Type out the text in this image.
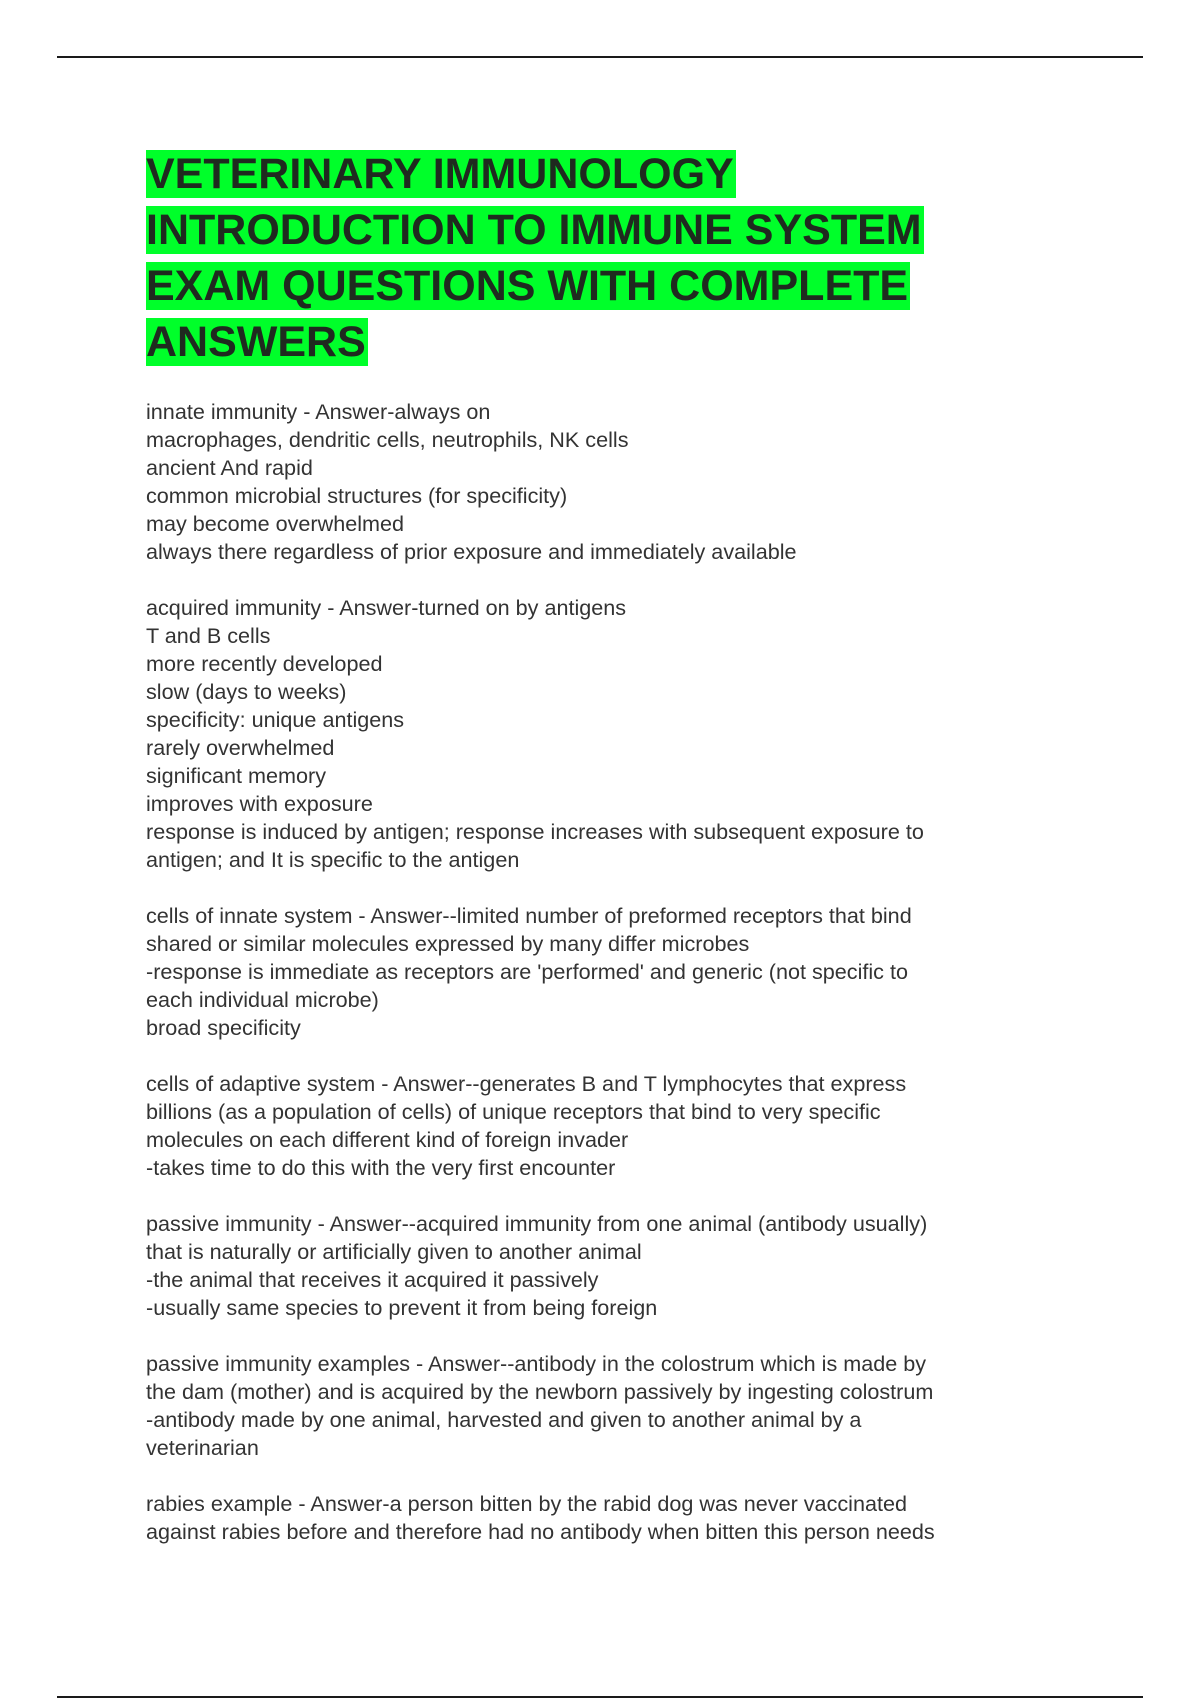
VETERINARY IMMUNOLOGY INTRODUCTION TO IMMUNE SYSTEM EXAM QUESTIONS WITH COMPLETE ANSWERS
innate immunity - Answer-always on
macrophages, dendritic cells, neutrophils, NK cells
ancient And rapid
common microbial structures (for specificity)
may become overwhelmed
always there regardless of prior exposure and immediately available
acquired immunity - Answer-turned on by antigens
T and B cells
more recently developed
slow (days to weeks)
specificity: unique antigens
rarely overwhelmed
significant memory
improves with exposure
response is induced by antigen; response increases with subsequent exposure to
antigen; and It is specific to the antigen
cells of innate system - Answer--limited number of preformed receptors that bind
shared or similar molecules expressed by many differ microbes
-response is immediate as receptors are 'performed' and generic (not specific to
each individual microbe)
broad specificity
cells of adaptive system - Answer--generates B and T lymphocytes that express
billions (as a population of cells) of unique receptors that bind to very specific
molecules on each different kind of foreign invader
-takes time to do this with the very first encounter
passive immunity - Answer--acquired immunity from one animal (antibody usually)
that is naturally or artificially given to another animal
-the animal that receives it acquired it passively
-usually same species to prevent it from being foreign
passive immunity examples - Answer--antibody in the colostrum which is made by
the dam (mother) and is acquired by the newborn passively by ingesting colostrum
-antibody made by one animal, harvested and given to another animal by a
veterinarian
rabies example - Answer-a person bitten by the rabid dog was never vaccinated
against rabies before and therefore had no antibody when bitten this person needs
